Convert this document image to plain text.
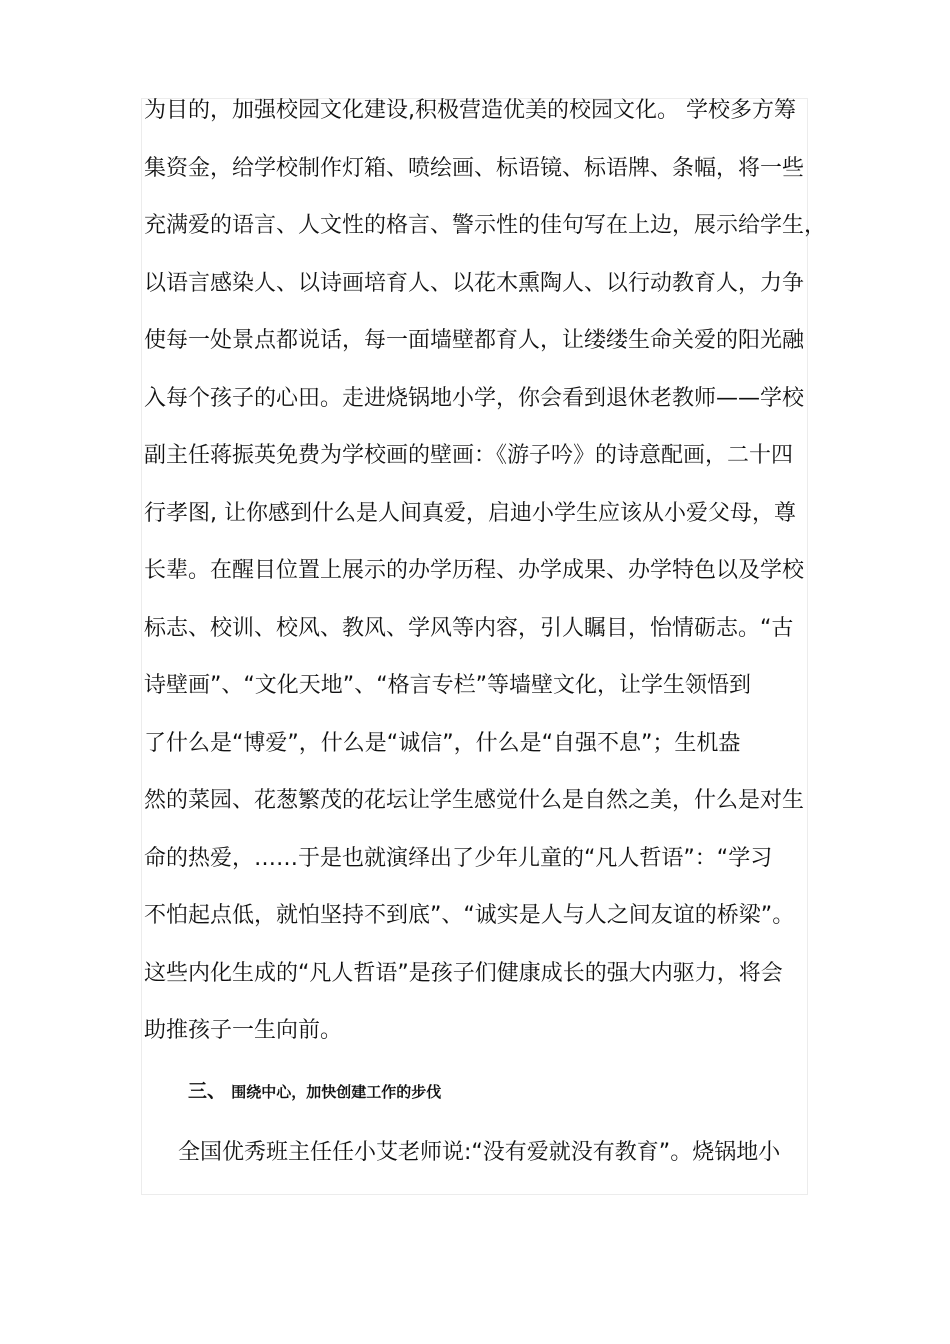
为目的，加强校园文化建设,积极营造优美的校园文化。 学校多方筹
集资金，给学校制作灯箱、喷绘画、标语镜、标语牌、条幅，将一些
充满爱的语言、人文性的格言、警示性的佳句写在上边，展示给学生，
以语言感染人、以诗画培育人、以花木熏陶人、以行动教育人，力争
使每一处景点都说话，每一面墙壁都育人，让缕缕生命关爱的阳光融
入每个孩子的心田。走进烧锅地小学，你会看到退休老教师——学校
副主任蒋振英免费为学校画的壁画：《游子吟》的诗意配画，二十四
行孝图, 让你感到什么是人间真爱，启迪小学生应该从小爱父母，尊
长辈。在醒目位置上展示的办学历程、办学成果、办学特色以及学校
标志、校训、校风、教风、学风等内容，引人瞩目，怡情砺志。“古
诗壁画”、“文化天地”、“格言专栏”等墙壁文化，让学生领悟到
了什么是“博爱”，什么是“诚信”，什么是“自强不息”；生机盎
然的菜园、花葱繁茂的花坛让学生感觉什么是自然之美，什么是对生
命的热爱，……于是也就演绎出了少年儿童的“凡人哲语”：“学习
不怕起点低，就怕坚持不到底”、“诚实是人与人之间友谊的桥梁”。
这些内化生成的“凡人哲语”是孩子们健康成长的强大内驱力，将会
助推孩子一生向前。
三、 围绕中心，加快创建工作的步伐

全国优秀班主任任小艾老师说:“没有爱就没有教育”。烧锅地小
